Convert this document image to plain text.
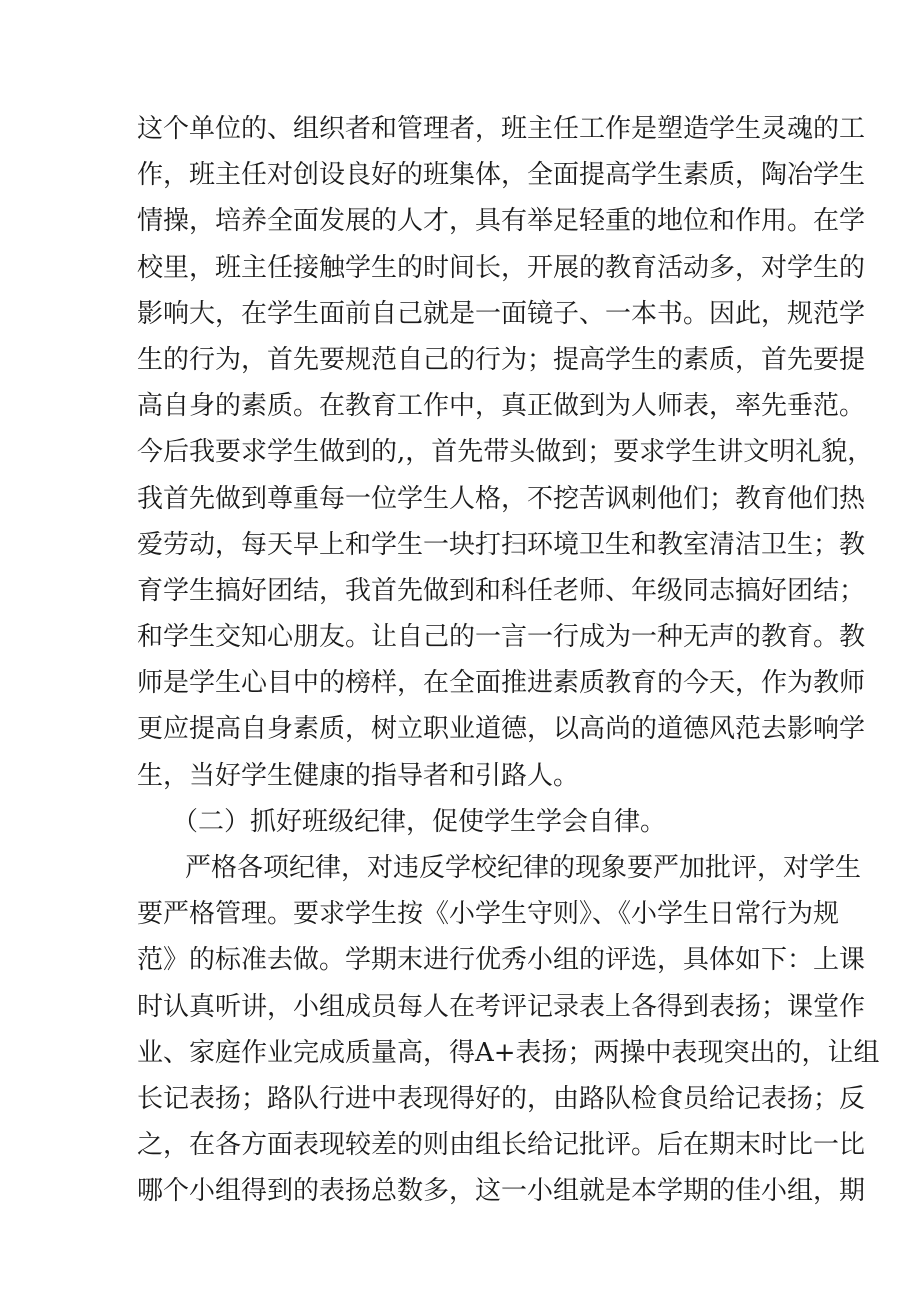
这个单位的、组织者和管理者，班主任工作是塑造学生灵魂的工
作，班主任对创设良好的班集体，全面提高学生素质，陶冶学生
情操，培养全面发展的人才，具有举足轻重的地位和作用。在学
校里，班主任接触学生的时间长，开展的教育活动多，对学生的
影响大，在学生面前自己就是一面镜子、一本书。因此，规范学
生的行为，首先要规范自己的行为；提高学生的素质，首先要提
高自身的素质。在教育工作中，真正做到为人师表，率先垂范。
今后我要求学生做到的,，首先带头做到；要求学生讲文明礼貌，
我首先做到尊重每一位学生人格，不挖苦讽刺他们；教育他们热
爱劳动，每天早上和学生一块打扫环境卫生和教室清洁卫生；教
育学生搞好团结，我首先做到和科任老师、年级同志搞好团结；
和学生交知心朋友。让自己的一言一行成为一种无声的教育。教
师是学生心目中的榜样，在全面推进素质教育的今天，作为教师
更应提高自身素质，树立职业道德，以高尚的道德风范去影响学
生，当好学生健康的指导者和引路人。
（二）抓好班级纪律，促使学生学会自律。
严格各项纪律，对违反学校纪律的现象要严加批评，对学生
要严格管理。要求学生按《小学生守则》、《小学生日常行为规
范》的标准去做。学期末进行优秀小组的评选，具体如下：上课
时认真听讲，小组成员每人在考评记录表上各得到表扬；课堂作
业、家庭作业完成质量高，得A+表扬；两操中表现突出的，让组
长记表扬；路队行进中表现得好的，由路队检食员给记表扬；反
之，在各方面表现较差的则由组长给记批评。后在期末时比一比
哪个小组得到的表扬总数多，这一小组就是本学期的佳小组，期
